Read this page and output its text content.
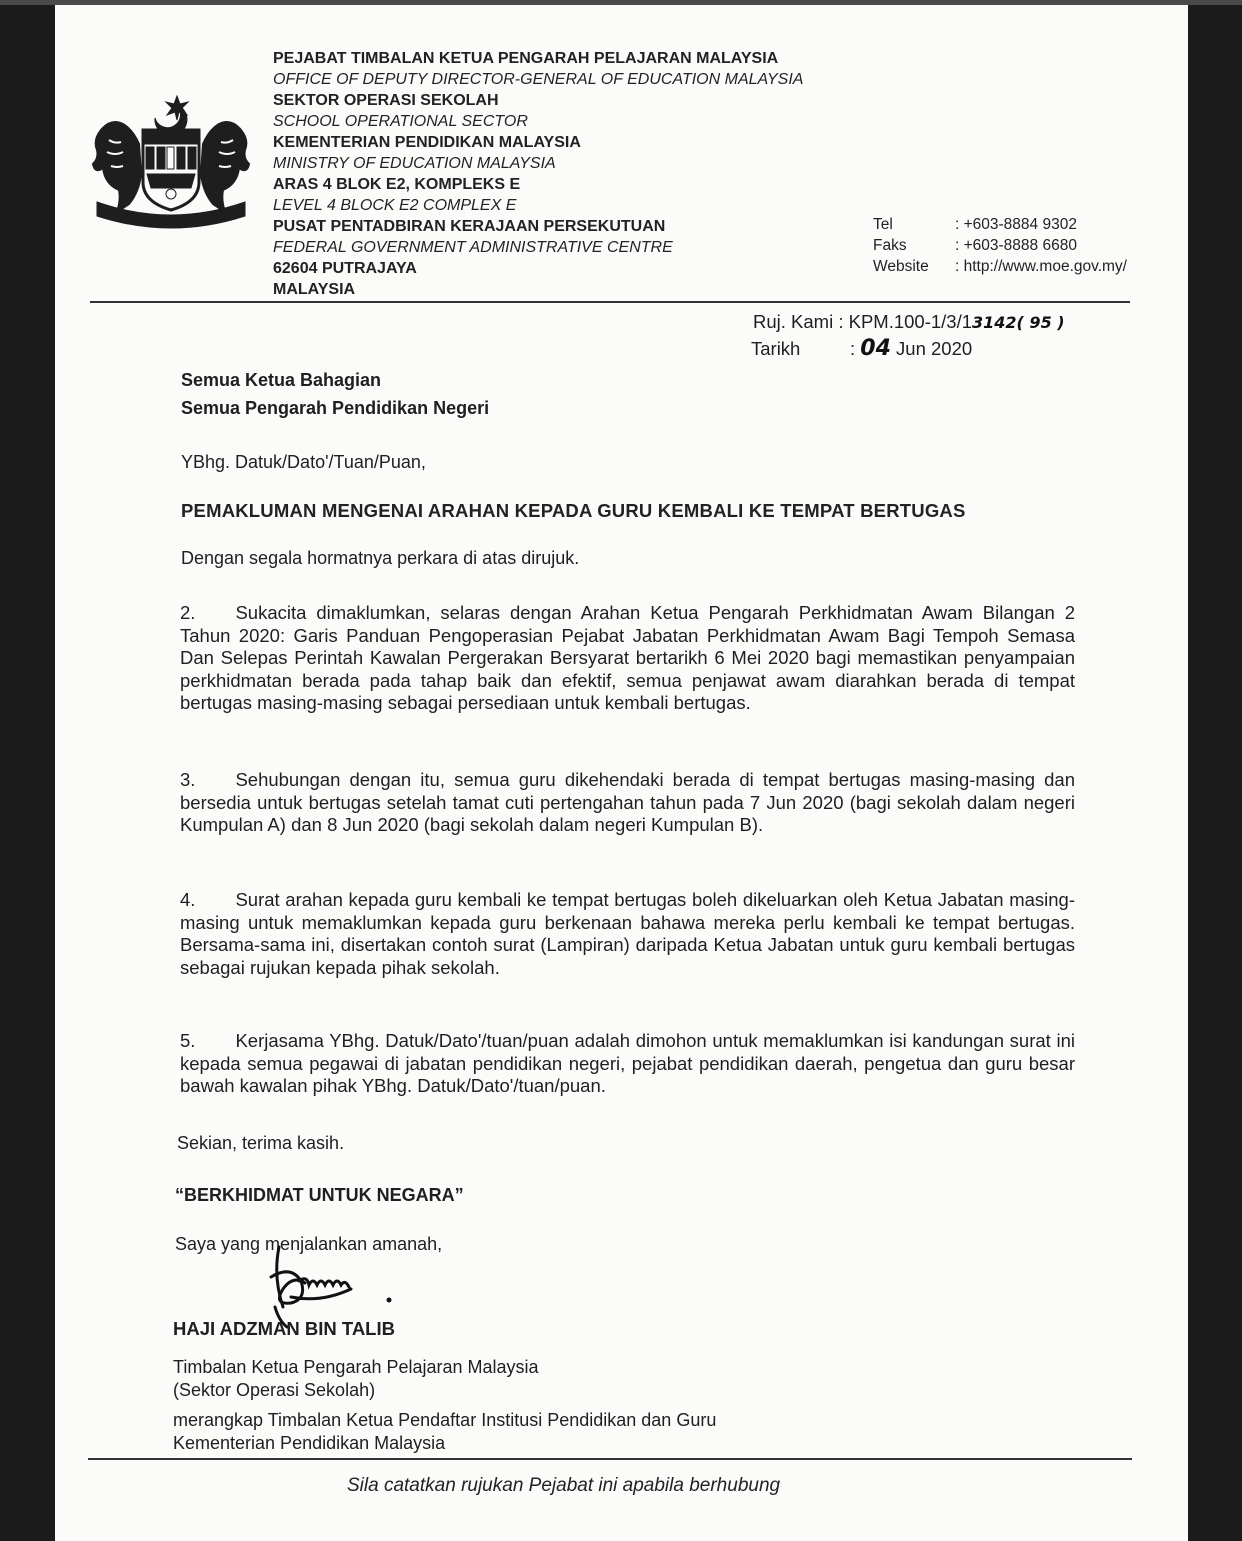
PEJABAT TIMBALAN KETUA PENGARAH PELAJARAN MALAYSIA
OFFICE OF DEPUTY DIRECTOR-GENERAL OF EDUCATION MALAYSIA
SEKTOR OPERASI SEKOLAH
SCHOOL OPERATIONAL SECTOR
KEMENTERIAN PENDIDIKAN MALAYSIA
MINISTRY OF EDUCATION MALAYSIA
ARAS 4 BLOK E2, KOMPLEKS E
LEVEL 4 BLOCK E2 COMPLEX E
PUSAT PENTADBIRAN KERAJAAN PERSEKUTUAN
FEDERAL GOVERNMENT ADMINISTRATIVE CENTRE
62604 PUTRAJAYA
MALAYSIA
Tel	: +603-8884 9302
Faks	: +603-8888 6680
Website : http://www.moe.gov.my/
Ruj. Kami : KPM.100-1/3/13142( 95 )
Tarikh	: 04 Jun 2020
Semua Ketua Bahagian
Semua Pengarah Pendidikan Negeri
YBhg. Datuk/Dato'/Tuan/Puan,
PEMAKLUMAN MENGENAI ARAHAN KEPADA GURU KEMBALI KE TEMPAT BERTUGAS
Dengan segala hormatnya perkara di atas dirujuk.
2. Sukacita dimaklumkan, selaras dengan Arahan Ketua Pengarah Perkhidmatan Awam Bilangan 2 Tahun 2020: Garis Panduan Pengoperasian Pejabat Jabatan Perkhidmatan Awam Bagi Tempoh Semasa Dan Selepas Perintah Kawalan Pergerakan Bersyarat bertarikh 6 Mei 2020 bagi memastikan penyampaian perkhidmatan berada pada tahap baik dan efektif, semua penjawat awam diarahkan berada di tempat bertugas masing-masing sebagai persediaan untuk kembali bertugas.
3. Sehubungan dengan itu, semua guru dikehendaki berada di tempat bertugas masing-masing dan bersedia untuk bertugas setelah tamat cuti pertengahan tahun pada 7 Jun 2020 (bagi sekolah dalam negeri Kumpulan A) dan 8 Jun 2020 (bagi sekolah dalam negeri Kumpulan B).
4. Surat arahan kepada guru kembali ke tempat bertugas boleh dikeluarkan oleh Ketua Jabatan masing-masing untuk memaklumkan kepada guru berkenaan bahawa mereka perlu kembali ke tempat bertugas. Bersama-sama ini, disertakan contoh surat (Lampiran) daripada Ketua Jabatan untuk guru kembali bertugas sebagai rujukan kepada pihak sekolah.
5. Kerjasama YBhg. Datuk/Dato'/tuan/puan adalah dimohon untuk memaklumkan isi kandungan surat ini kepada semua pegawai di jabatan pendidikan negeri, pejabat pendidikan daerah, pengetua dan guru besar bawah kawalan pihak YBhg. Datuk/Dato'/tuan/puan.
Sekian, terima kasih.
“BERKHIDMAT UNTUK NEGARA”
Saya yang menjalankan amanah,
HAJI ADZMAN BIN TALIB
Timbalan Ketua Pengarah Pelajaran Malaysia
(Sektor Operasi Sekolah)
merangkap Timbalan Ketua Pendaftar Institusi Pendidikan dan Guru
Kementerian Pendidikan Malaysia
Sila catatkan rujukan Pejabat ini apabila berhubung
